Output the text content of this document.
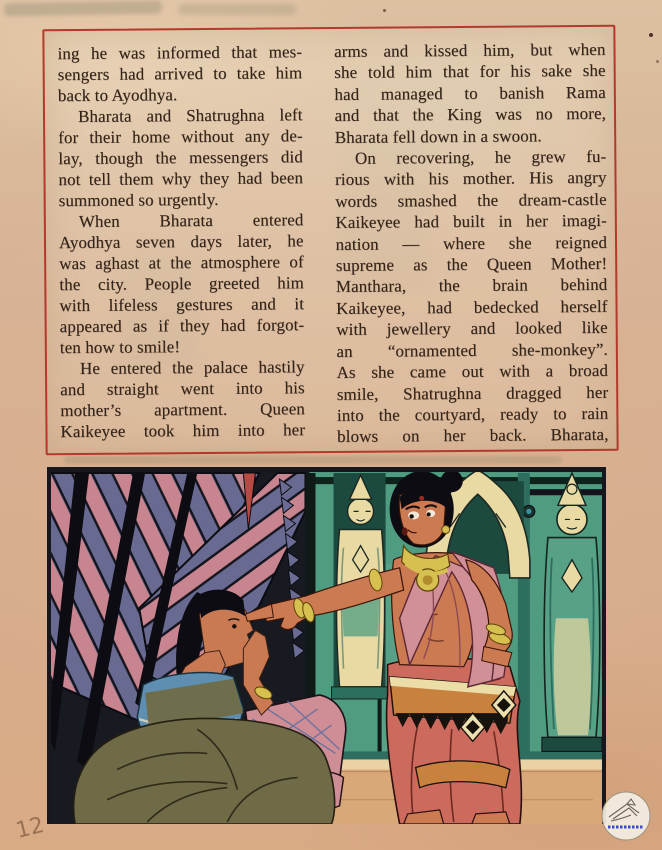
ing he was informed that mes-
sengers had arrived to take him
back to Ayodhya.

Bharata and Shatrughna left
for their home without any de-
lay, though the messengers did
not tell them why they had been
summoned so urgently.

When Bharata entered
Ayodhya seven days later, he
was aghast at the atmosphere of
the city. People greeted him
with lifeless gestures and it
appeared as if they had forgot-
ten how to smile!

He entered the palace hastily
and straight went into his
mother’s apartment. Queen
Kaikeyee took him into her

arms and kissed him, but when
she told him that for his sake she
had managed to banish Rama
and that the King was no more,
Bharata fell down in a swoon.

On recovering, he grew fu-
rious with his mother. His angry
words smashed the dream-castle
Kaikeyee had built in her imagi-
nation — where she reigned
supreme as the Queen Mother!
Manthara, the brain behind
Kaikeyee, had bedecked herself
with jewellery and looked like
an “ornamented she-monkey”.
As she came out with a broad
smile, Shatrughna dragged her
into the courtyard, ready to rain
blows on her back. Bharata,

12
